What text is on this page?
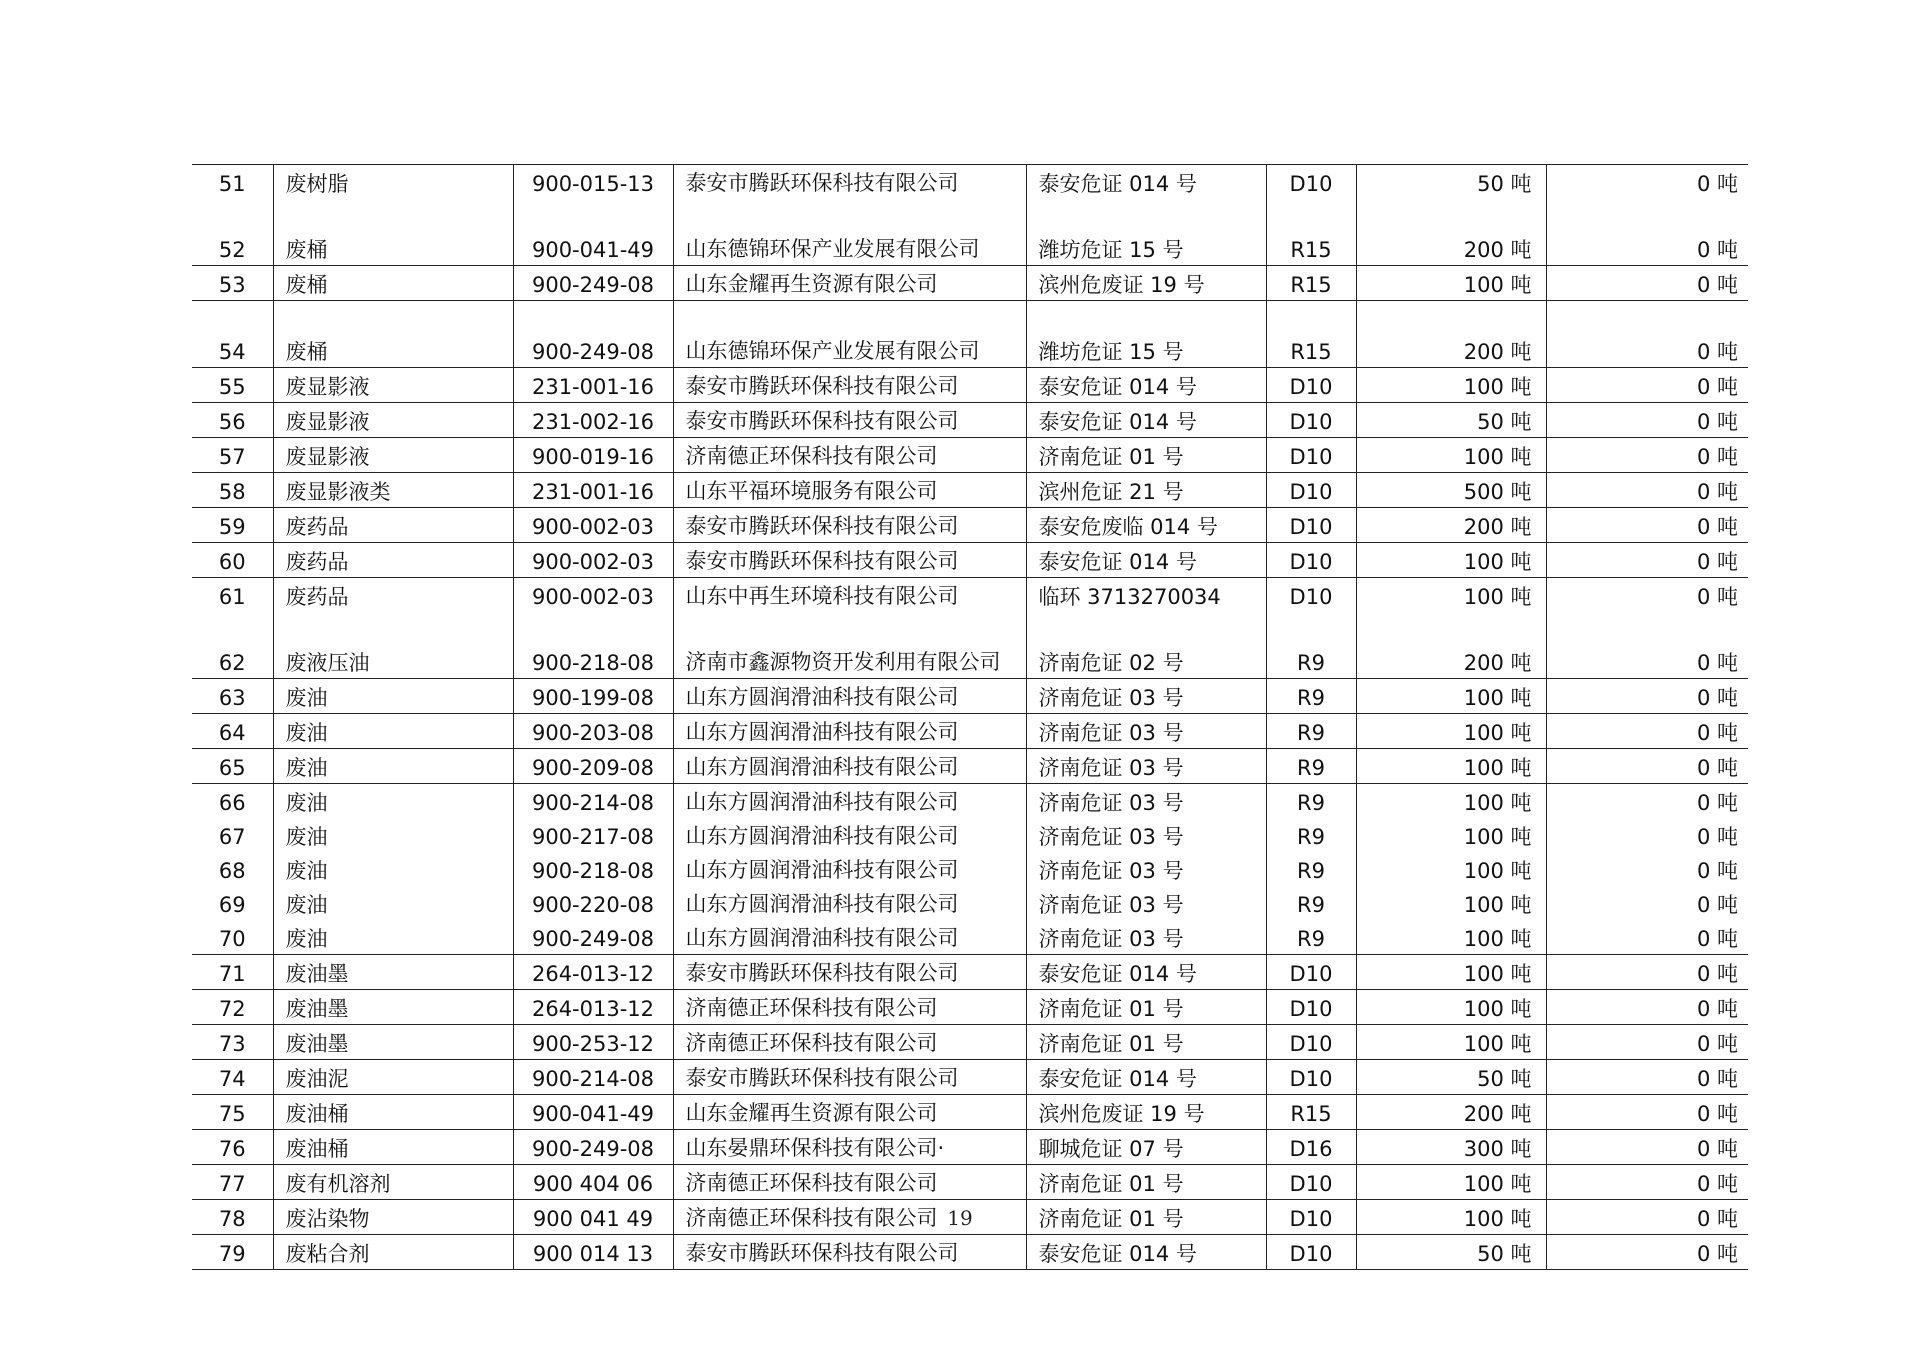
51	废树脂	900-015-13	泰安市腾跃环保科技有限公司	泰安危证 014 号	D10	50 吨	0 吨
52	废桶	900-041-49	山东德锦环保产业发展有限公司	潍坊危证 15 号	R15	200 吨	0 吨
53	废桶	900-249-08	山东金耀再生资源有限公司	滨州危废证 19 号	R15	100 吨	0 吨
54	废桶	900-249-08	山东德锦环保产业发展有限公司	潍坊危证 15 号	R15	200 吨	0 吨
55	废显影液	231-001-16	泰安市腾跃环保科技有限公司	泰安危证 014 号	D10	100 吨	0 吨
56	废显影液	231-002-16	泰安市腾跃环保科技有限公司	泰安危证 014 号	D10	50 吨	0 吨
57	废显影液	900-019-16	济南德正环保科技有限公司	济南危证 01 号	D10	100 吨	0 吨
58	废显影液类	231-001-16	山东平福环境服务有限公司	滨州危证 21 号	D10	500 吨	0 吨
59	废药品	900-002-03	泰安市腾跃环保科技有限公司	泰安危废临 014 号	D10	200 吨	0 吨
60	废药品	900-002-03	泰安市腾跃环保科技有限公司	泰安危证 014 号	D10	100 吨	0 吨
61	废药品	900-002-03	山东中再生环境科技有限公司	临环 3713270034	D10	100 吨	0 吨
62	废液压油	900-218-08	济南市鑫源物资开发利用有限公司	济南危证 02 号	R9	200 吨	0 吨
63	废油	900-199-08	山东方圆润滑油科技有限公司	济南危证 03 号	R9	100 吨	0 吨
64	废油	900-203-08	山东方圆润滑油科技有限公司	济南危证 03 号	R9	100 吨	0 吨
65	废油	900-209-08	山东方圆润滑油科技有限公司	济南危证 03 号	R9	100 吨	0 吨
66	废油	900-214-08	山东方圆润滑油科技有限公司	济南危证 03 号	R9	100 吨	0 吨
67	废油	900-217-08	山东方圆润滑油科技有限公司	济南危证 03 号	R9	100 吨	0 吨
68	废油	900-218-08	山东方圆润滑油科技有限公司	济南危证 03 号	R9	100 吨	0 吨
69	废油	900-220-08	山东方圆润滑油科技有限公司	济南危证 03 号	R9	100 吨	0 吨
70	废油	900-249-08	山东方圆润滑油科技有限公司	济南危证 03 号	R9	100 吨	0 吨
71	废油墨	264-013-12	泰安市腾跃环保科技有限公司	泰安危证 014 号	D10	100 吨	0 吨
72	废油墨	264-013-12	济南德正环保科技有限公司	济南危证 01 号	D10	100 吨	0 吨
73	废油墨	900-253-12	济南德正环保科技有限公司	济南危证 01 号	D10	100 吨	0 吨
74	废油泥	900-214-08	泰安市腾跃环保科技有限公司	泰安危证 014 号	D10	50 吨	0 吨
75	废油桶	900-041-49	山东金耀再生资源有限公司	滨州危废证 19 号	R15	200 吨	0 吨
76	废油桶	900-249-08	山东晏鼎环保科技有限公司·	聊城危证 07 号	D16	300 吨	0 吨
77	废有机溶剂	900 404 06	济南德正环保科技有限公司	济南危证 01 号	D10	100 吨	0 吨
78	废沾染物	900 041 49	济南德正环保科技有限公司	济南危证 01 号	D10	100 吨	0 吨
79	废粘合剂	900 014 13	泰安市腾跃环保科技有限公司	泰安危证 014 号	D10	50 吨	0 吨
19
